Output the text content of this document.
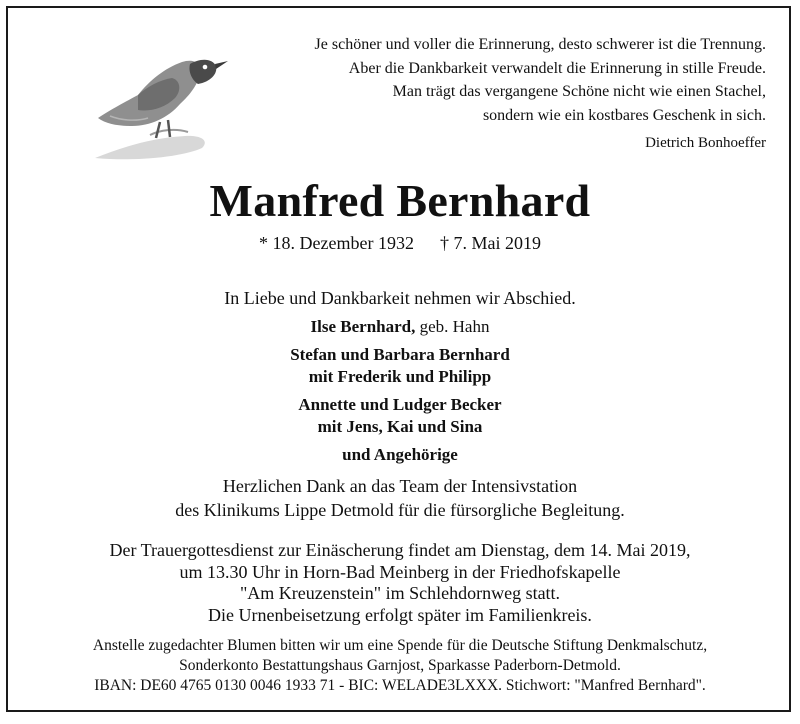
Je schöner und voller die Erinnerung, desto schwerer ist die Trennung.
Aber die Dankbarkeit verwandelt die Erinnerung in stille Freude.
Man trägt das vergangene Schöne nicht wie einen Stachel,
sondern wie ein kostbares Geschenk in sich.
Dietrich Bonhoeffer
Manfred Bernhard
* 18. Dezember 1932 † 7. Mai 2019
In Liebe und Dankbarkeit nehmen wir Abschied.
Ilse Bernhard, geb. Hahn
Stefan und Barbara Bernhard
mit Frederik und Philipp
Annette und Ludger Becker
mit Jens, Kai und Sina
und Angehörige
Herzlichen Dank an das Team der Intensivstation
des Klinikums Lippe Detmold für die fürsorgliche Begleitung.
Der Trauergottesdienst zur Einäscherung findet am Dienstag, dem 14. Mai 2019,
um 13.30 Uhr in Horn-Bad Meinberg in der Friedhofskapelle
"Am Kreuzenstein" im Schlehdornweg statt.
Die Urnenbeisetzung erfolgt später im Familienkreis.
Anstelle zugedachter Blumen bitten wir um eine Spende für die Deutsche Stiftung Denkmalschutz,
Sonderkonto Bestattungshaus Garnjost, Sparkasse Paderborn-Detmold.
IBAN: DE60 4765 0130 0046 1933 71 - BIC: WELADE3LXXX. Stichwort: "Manfred Bernhard".
